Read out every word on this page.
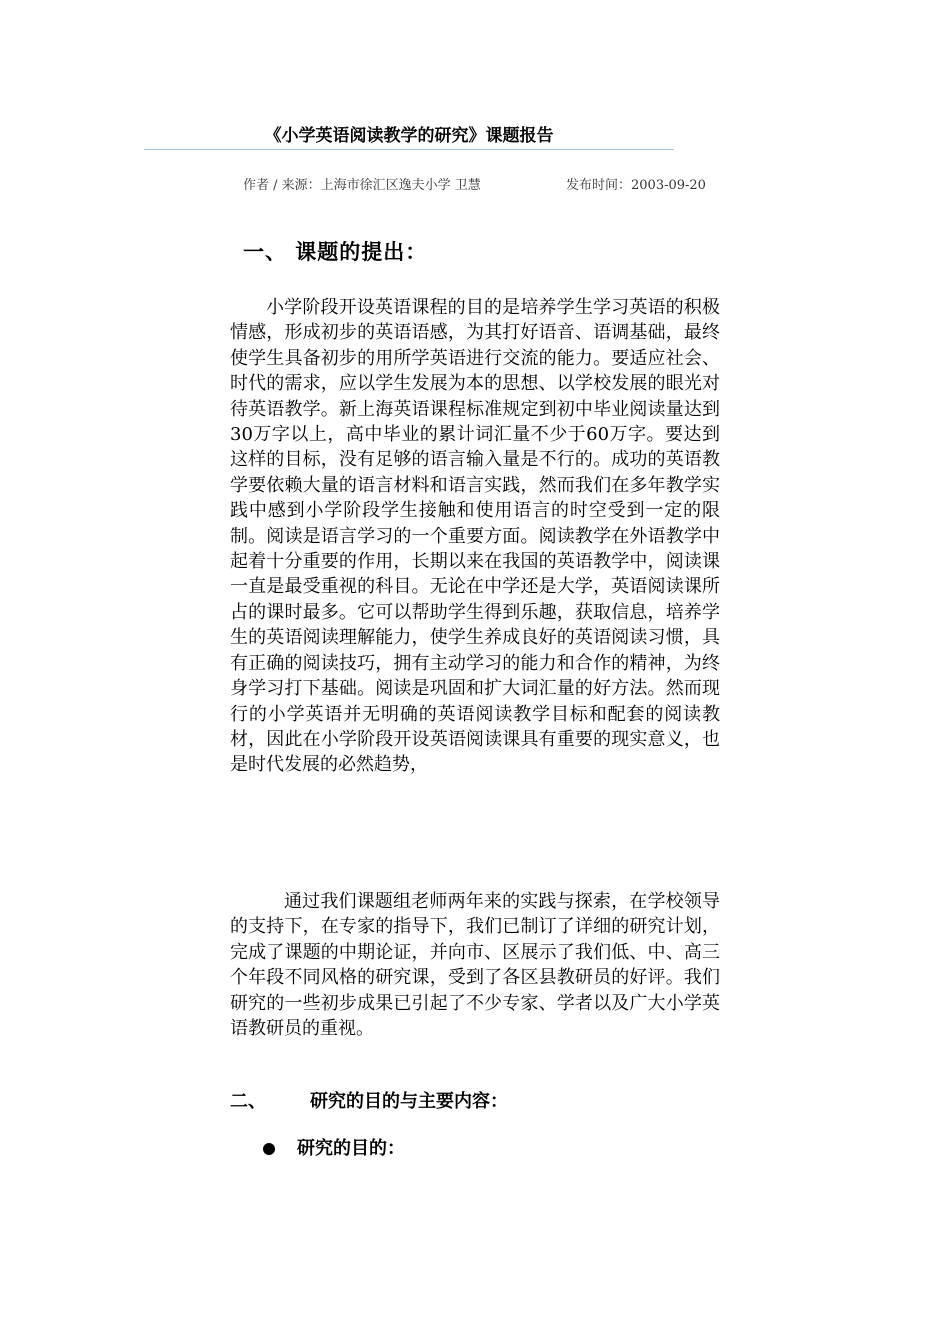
《小学英语阅读教学的研究》课题报告
作者 / 来源：上海市徐汇区逸夫小学 卫慧	发布时间：2003-09-20
一、 课题的提出：

小学阶段开设英语课程的目的是培养学生学习英语的积极情感，形成初步的英语语感，为其打好语音、语调基础，最终使学生具备初步的用所学英语进行交流的能力。要适应社会、时代的需求，应以学生发展为本的思想、以学校发展的眼光对待英语教学。新上海英语课程标准规定到初中毕业阅读量达到30万字以上，高中毕业的累计词汇量不少于60万字。要达到这样的目标，没有足够的语言输入量是不行的。成功的英语教学要依赖大量的语言材料和语言实践，然而我们在多年教学实践中感到小学阶段学生接触和使用语言的时空受到一定的限制。阅读是语言学习的一个重要方面。阅读教学在外语教学中起着十分重要的作用，长期以来在我国的英语教学中，阅读课一直是最受重视的科目。无论在中学还是大学，英语阅读课所占的课时最多。它可以帮助学生得到乐趣，获取信息，培养学生的英语阅读理解能力，使学生养成良好的英语阅读习惯，具有正确的阅读技巧，拥有主动学习的能力和合作的精神，为终身学习打下基础。阅读是巩固和扩大词汇量的好方法。然而现行的小学英语并无明确的英语阅读教学目标和配套的阅读教材，因此在小学阶段开设英语阅读课具有重要的现实意义，也是时代发展的必然趋势，

通过我们课题组老师两年来的实践与探索，在学校领导的支持下，在专家的指导下，我们已制订了详细的研究计划，完成了课题的中期论证，并向市、区展示了我们低、中、高三个年段不同风格的研究课，受到了各区县教研员的好评。我们研究的一些初步成果已引起了不少专家、学者以及广大小学英语教研员的重视。

二、 研究的目的与主要内容：
研究的目的：
